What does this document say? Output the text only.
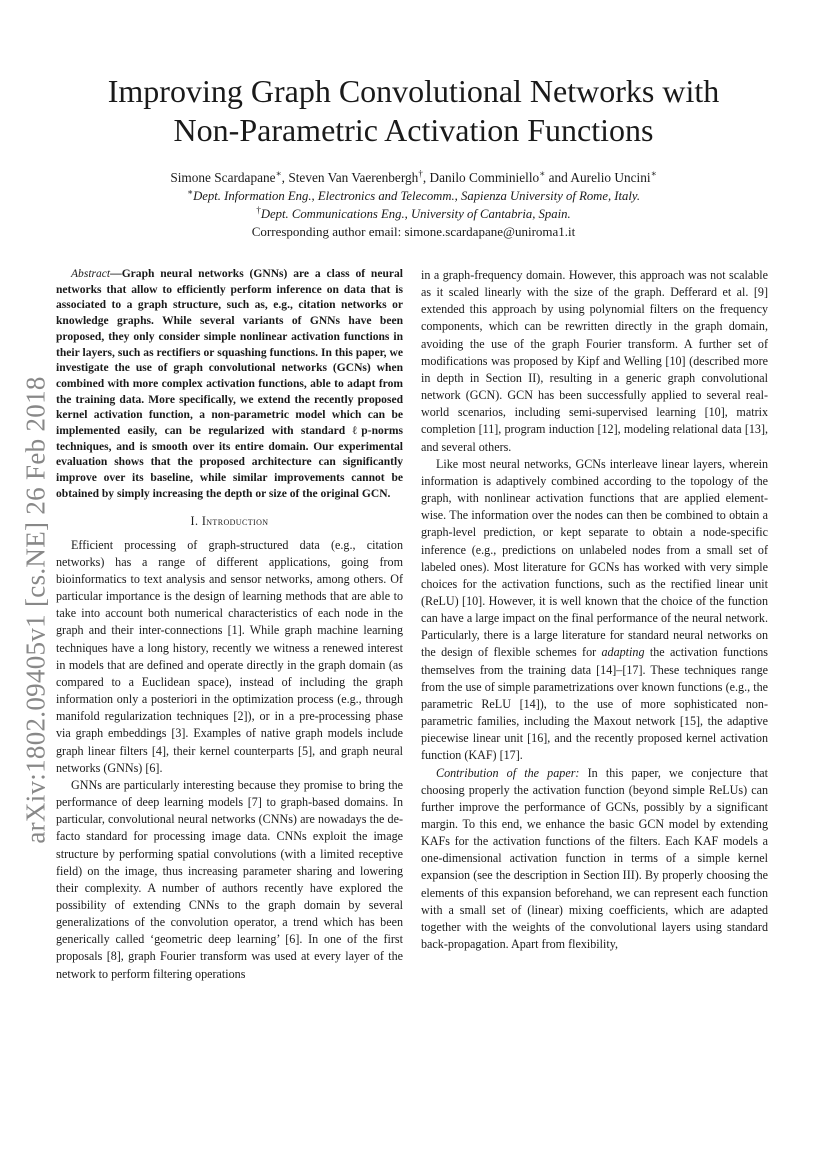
arXiv:1802.09405v1 [cs.NE] 26 Feb 2018
Improving Graph Convolutional Networks with
Non-Parametric Activation Functions
Simone Scardapane∗, Steven Van Vaerenbergh†, Danilo Comminiello∗ and Aurelio Uncini∗
∗Dept. Information Eng., Electronics and Telecomm., Sapienza University of Rome, Italy.
†Dept. Communications Eng., University of Cantabria, Spain.
Corresponding author email: simone.scardapane@uniroma1.it

Abstract—Graph neural networks (GNNs) are a class of neural networks that allow to efficiently perform inference on data that is associated to a graph structure, such as, e.g., citation networks or knowledge graphs. While several variants of GNNs have been proposed, they only consider simple nonlinear activation functions in their layers, such as rectifiers or squashing functions. In this paper, we investigate the use of graph convolutional networks (GCNs) when combined with more complex activation functions, able to adapt from the training data. More specifically, we extend the recently proposed kernel activation function, a non-parametric model which can be implemented easily, can be regularized with standard ℓp-norms techniques, and is smooth over its entire domain. Our experimental evaluation shows that the proposed architecture can significantly improve over its baseline, while similar improvements cannot be obtained by simply increasing the depth or size of the original GCN.

I. Introduction

Efficient processing of graph-structured data (e.g., citation networks) has a range of different applications, going from bioinformatics to text analysis and sensor networks, among others. Of particular importance is the design of learning methods that are able to take into account both numerical characteristics of each node in the graph and their inter-connections [1]. While graph machine learning techniques have a long history, recently we witness a renewed interest in models that are defined and operate directly in the graph domain (as compared to a Euclidean space), instead of including the graph information only a posteriori in the optimization process (e.g., through manifold regularization techniques [2]), or in a pre-processing phase via graph embeddings [3]. Examples of native graph models include graph linear filters [4], their kernel counterparts [5], and graph neural networks (GNNs) [6].

GNNs are particularly interesting because they promise to bring the performance of deep learning models [7] to graph-based domains. In particular, convolutional neural networks (CNNs) are nowadays the de-facto standard for processing image data. CNNs exploit the image structure by performing spatial convolutions (with a limited receptive field) on the image, thus increasing parameter sharing and lowering their complexity. A number of authors recently have explored the possibility of extending CNNs to the graph domain by several generalizations of the convolution operator, a trend which has been generically called ‘geometric deep learning’ [6]. In one of the first proposals [8], graph Fourier transform was used at every layer of the network to perform filtering operations

in a graph-frequency domain. However, this approach was not scalable as it scaled linearly with the size of the graph. Defferard et al. [9] extended this approach by using polynomial filters on the frequency components, which can be rewritten directly in the graph domain, avoiding the use of the graph Fourier transform. A further set of modifications was proposed by Kipf and Welling [10] (described more in depth in Section II), resulting in a generic graph convolutional network (GCN). GCN has been successfully applied to several real-world scenarios, including semi-supervised learning [10], matrix completion [11], program induction [12], modeling relational data [13], and several others.

Like most neural networks, GCNs interleave linear layers, wherein information is adaptively combined according to the topology of the graph, with nonlinear activation functions that are applied element-wise. The information over the nodes can then be combined to obtain a graph-level prediction, or kept separate to obtain a node-specific inference (e.g., predictions on unlabeled nodes from a small set of labeled ones). Most literature for GCNs has worked with very simple choices for the activation functions, such as the rectified linear unit (ReLU) [10]. However, it is well known that the choice of the function can have a large impact on the final performance of the neural network. Particularly, there is a large literature for standard neural networks on the design of flexible schemes for adapting the activation functions themselves from the training data [14]–[17]. These techniques range from the use of simple parametrizations over known functions (e.g., the parametric ReLU [14]), to the use of more sophisticated non-parametric families, including the Maxout network [15], the adaptive piecewise linear unit [16], and the recently proposed kernel activation function (KAF) [17].

Contribution of the paper: In this paper, we conjecture that choosing properly the activation function (beyond simple ReLUs) can further improve the performance of GCNs, possibly by a significant margin. To this end, we enhance the basic GCN model by extending KAFs for the activation functions of the filters. Each KAF models a one-dimensional activation function in terms of a simple kernel expansion (see the description in Section III). By properly choosing the elements of this expansion beforehand, we can represent each function with a small set of (linear) mixing coefficients, which are adapted together with the weights of the convolutional layers using standard back-propagation. Apart from flexibility,
